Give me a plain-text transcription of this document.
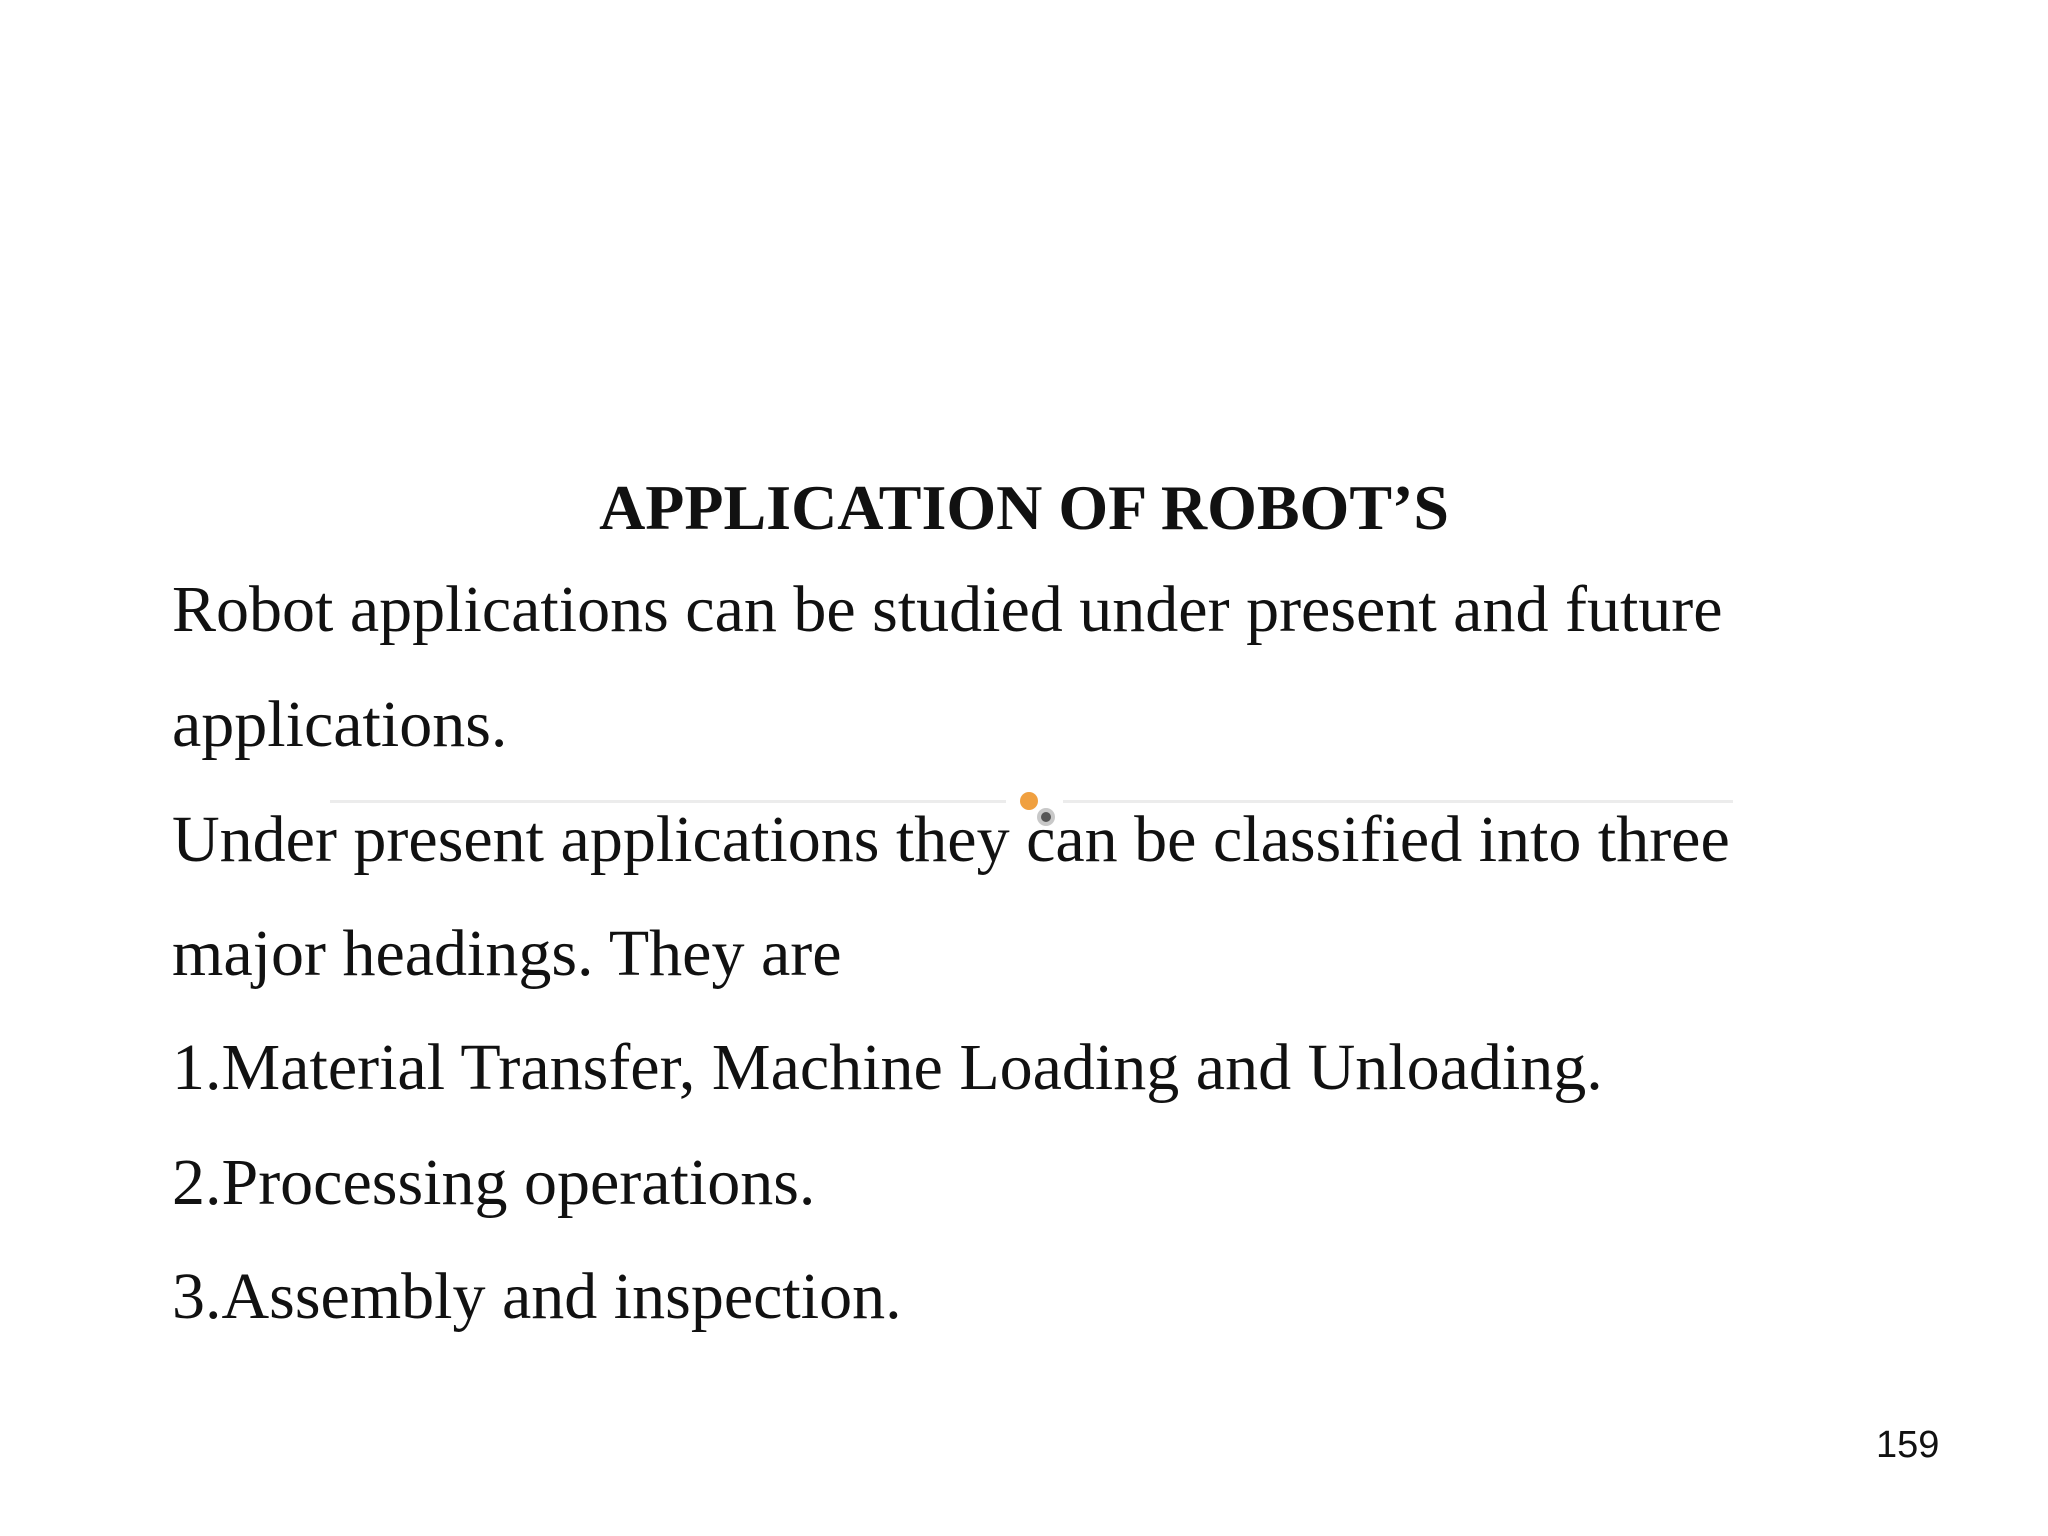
APPLICATION OF ROBOT’S
Robot applications can be studied under present and future
applications.
Under present applications they can be classified into three
major headings. They are
1.Material Transfer, Machine Loading and Unloading.
2.Processing operations.
3.Assembly and inspection.
159
